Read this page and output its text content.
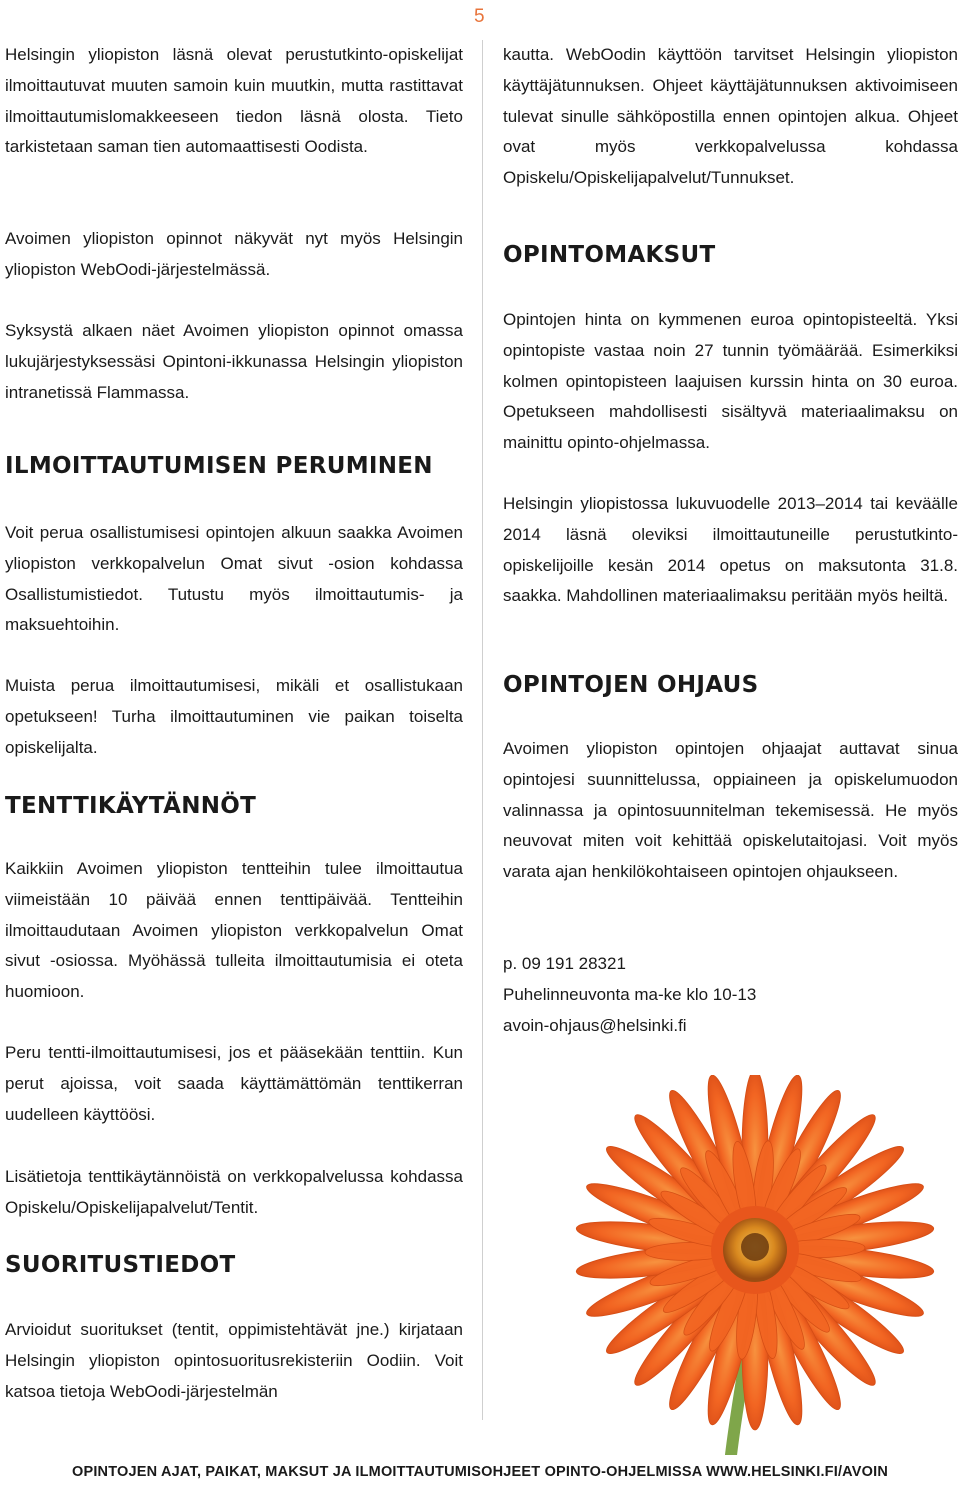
5

Helsingin yliopiston läsnä olevat perustutkinto-opiskelijat ilmoittautuvat muuten samoin kuin muutkin, mutta rastittavat ilmoittautumislomakkeeseen tiedon läsnä olosta. Tieto tarkistetaan saman tien automaattisesti Oodista.

Avoimen yliopiston opinnot näkyvät nyt myös Helsingin yliopiston WebOodi-järjestelmässä.

Syksystä alkaen näet Avoimen yliopiston opinnot omassa lukujärjestyksessäsi Opintoni-ikkunassa Helsingin yliopiston intranetissä Flammassa.

ILMOITTAUTUMISEN PERUMINEN

Voit perua osallistumisesi opintojen alkuun saakka Avoimen yliopiston verkkopalvelun Omat sivut -osion kohdassa Osallistumistiedot. Tutustu myös ilmoittautumis- ja maksuehtoihin.

Muista perua ilmoittautumisesi, mikäli et osallistukaan opetukseen! Turha ilmoittautuminen vie paikan toiselta opiskelijalta.

TENTTIKÄYTÄNNÖT

Kaikkiin Avoimen yliopiston tentteihin tulee ilmoittautua viimeistään 10 päivää ennen tenttipäivää. Tentteihin ilmoittaudutaan Avoimen yliopiston verkkopalvelun Omat sivut -osiossa. Myöhässä tulleita ilmoittautumisia ei oteta huomioon.

Peru tentti-ilmoittautumisesi, jos et pääsekään tenttiin. Kun perut ajoissa, voit saada käyttämättömän tenttikerran uudelleen käyttöösi.

Lisätietoja tenttikäytännöistä on verkkopalvelussa kohdassa Opiskelu/Opiskelijapalvelut/Tentit.

SUORITUSTIEDOT

Arvioidut suoritukset (tentit, oppimistehtävät jne.) kirjataan Helsingin yliopiston opintosuoritusrekisteriin Oodiin. Voit katsoa tietoja WebOodi-järjestelmän

kautta. WebOodin käyttöön tarvitset Helsingin yliopiston käyttäjätunnuksen. Ohjeet käyttäjätunnuksen aktivoimiseen tulevat sinulle sähköpostilla ennen opintojen alkua. Ohjeet ovat myös verkkopalvelussa kohdassa Opiskelu/Opiskelijapalvelut/Tunnukset.

OPINTOMAKSUT

Opintojen hinta on kymmenen euroa opintopisteeltä. Yksi opintopiste vastaa noin 27 tunnin työmäärää. Esimerkiksi kolmen opintopisteen laajuisen kurssin hinta on 30 euroa. Opetukseen mahdollisesti sisältyvä materiaalimaksu on mainittu opinto-ohjelmassa.

Helsingin yliopistossa lukuvuodelle 2013–2014 tai keväälle 2014 läsnä oleviksi ilmoittautuneille perustutkinto-opiskelijoille kesän 2014 opetus on maksutonta 31.8. saakka. Mahdollinen materiaalimaksu peritään myös heiltä.

OPINTOJEN OHJAUS

Avoimen yliopiston opintojen ohjaajat auttavat sinua opintojesi suunnittelussa, oppiaineen ja opiskelumuodon valinnassa ja opintosuunnitelman tekemisessä. He myös neuvovat miten voit kehittää opiskelutaitojasi. Voit myös varata ajan henkilökohtaiseen opintojen ohjaukseen.

p. 09 191 28321

Puhelinneuvonta ma-ke klo 10-13

avoin-ohjaus@helsinki.fi

OPINTOJEN AJAT, PAIKAT, MAKSUT JA ILMOITTAUTUMISOHJEET OPINTO-OHJELMISSA WWW.HELSINKI.FI/AVOIN
